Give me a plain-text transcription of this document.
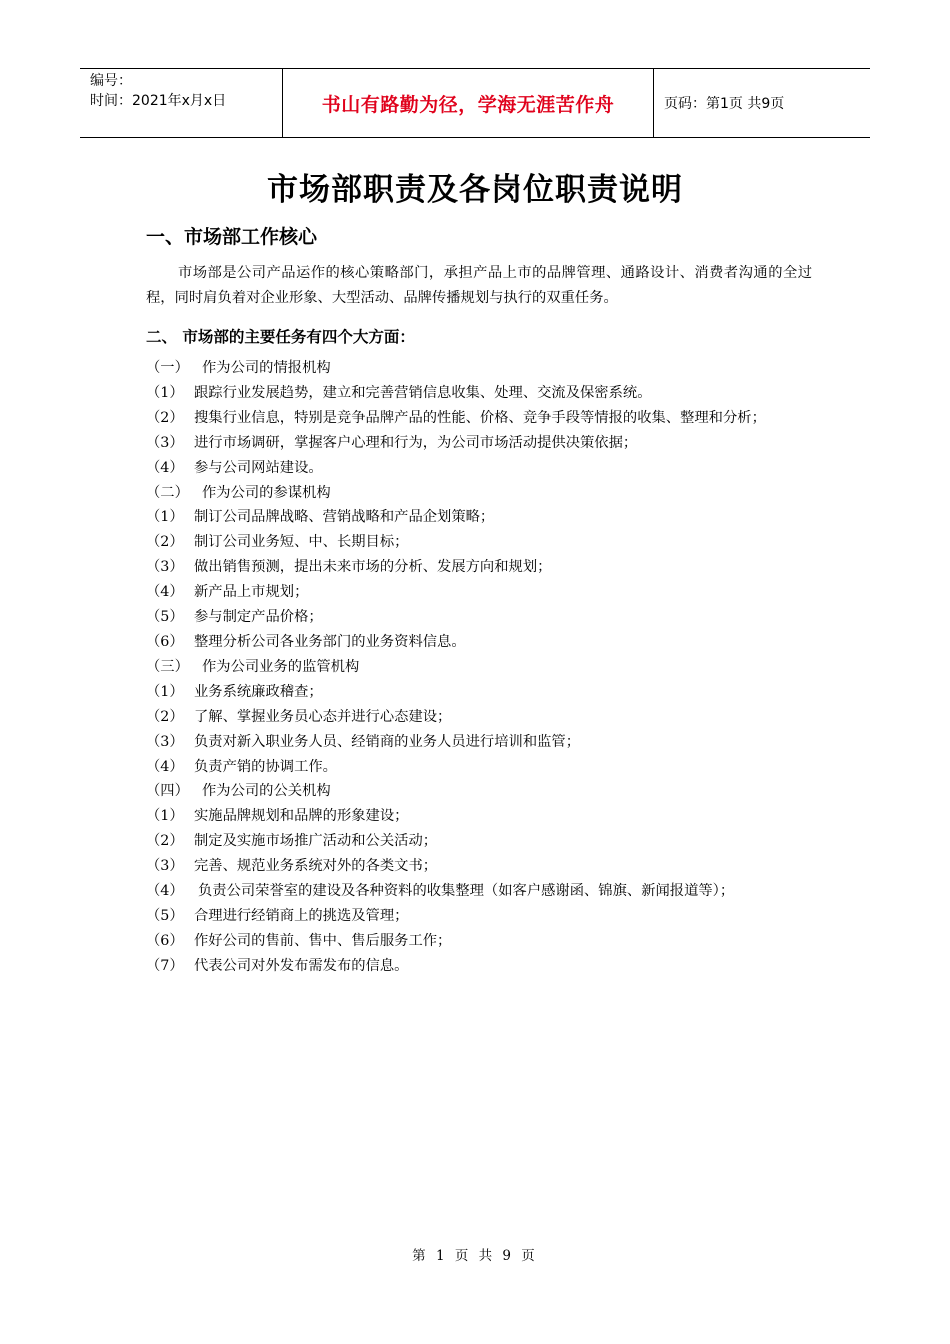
编号：
时间：2021年x月x日	书山有路勤为径，学海无涯苦作舟	页码：第1页 共9页
市场部职责及各岗位职责说明
一、市场部工作核心
市场部是公司产品运作的核心策略部门，承担产品上市的品牌管理、通路设计、消费者沟通的全过程，同时肩负着对企业形象、大型活动、品牌传播规划与执行的双重任务。
二、 市场部的主要任务有四个大方面：
（一） 作为公司的情报机构
（1） 跟踪行业发展趋势，建立和完善营销信息收集、处理、交流及保密系统。
（2） 搜集行业信息，特别是竞争品牌产品的性能、价格、竞争手段等情报的收集、整理和分析；
（3） 进行市场调研，掌握客户心理和行为，为公司市场活动提供决策依据；
（4） 参与公司网站建设。
（二） 作为公司的参谋机构
（1） 制订公司品牌战略、营销战略和产品企划策略；
（2） 制订公司业务短、中、长期目标；
（3） 做出销售预测，提出未来市场的分析、发展方向和规划；
（4） 新产品上市规划；
（5） 参与制定产品价格；
（6） 整理分析公司各业务部门的业务资料信息。
（三） 作为公司业务的监管机构
（1） 业务系统廉政稽查；
（2） 了解、掌握业务员心态并进行心态建设；
（3） 负责对新入职业务人员、经销商的业务人员进行培训和监管；
（4） 负责产销的协调工作。
（四） 作为公司的公关机构
（1） 实施品牌规划和品牌的形象建设；
（2） 制定及实施市场推广活动和公关活动；
（3） 完善、规范业务系统对外的各类文书；
（4） 负责公司荣誉室的建设及各种资料的收集整理（如客户感谢函、锦旗、新闻报道等）；
（5） 合理进行经销商上的挑选及管理；
（6） 作好公司的售前、售中、售后服务工作；
（7） 代表公司对外发布需发布的信息。
第 1 页 共 9 页
